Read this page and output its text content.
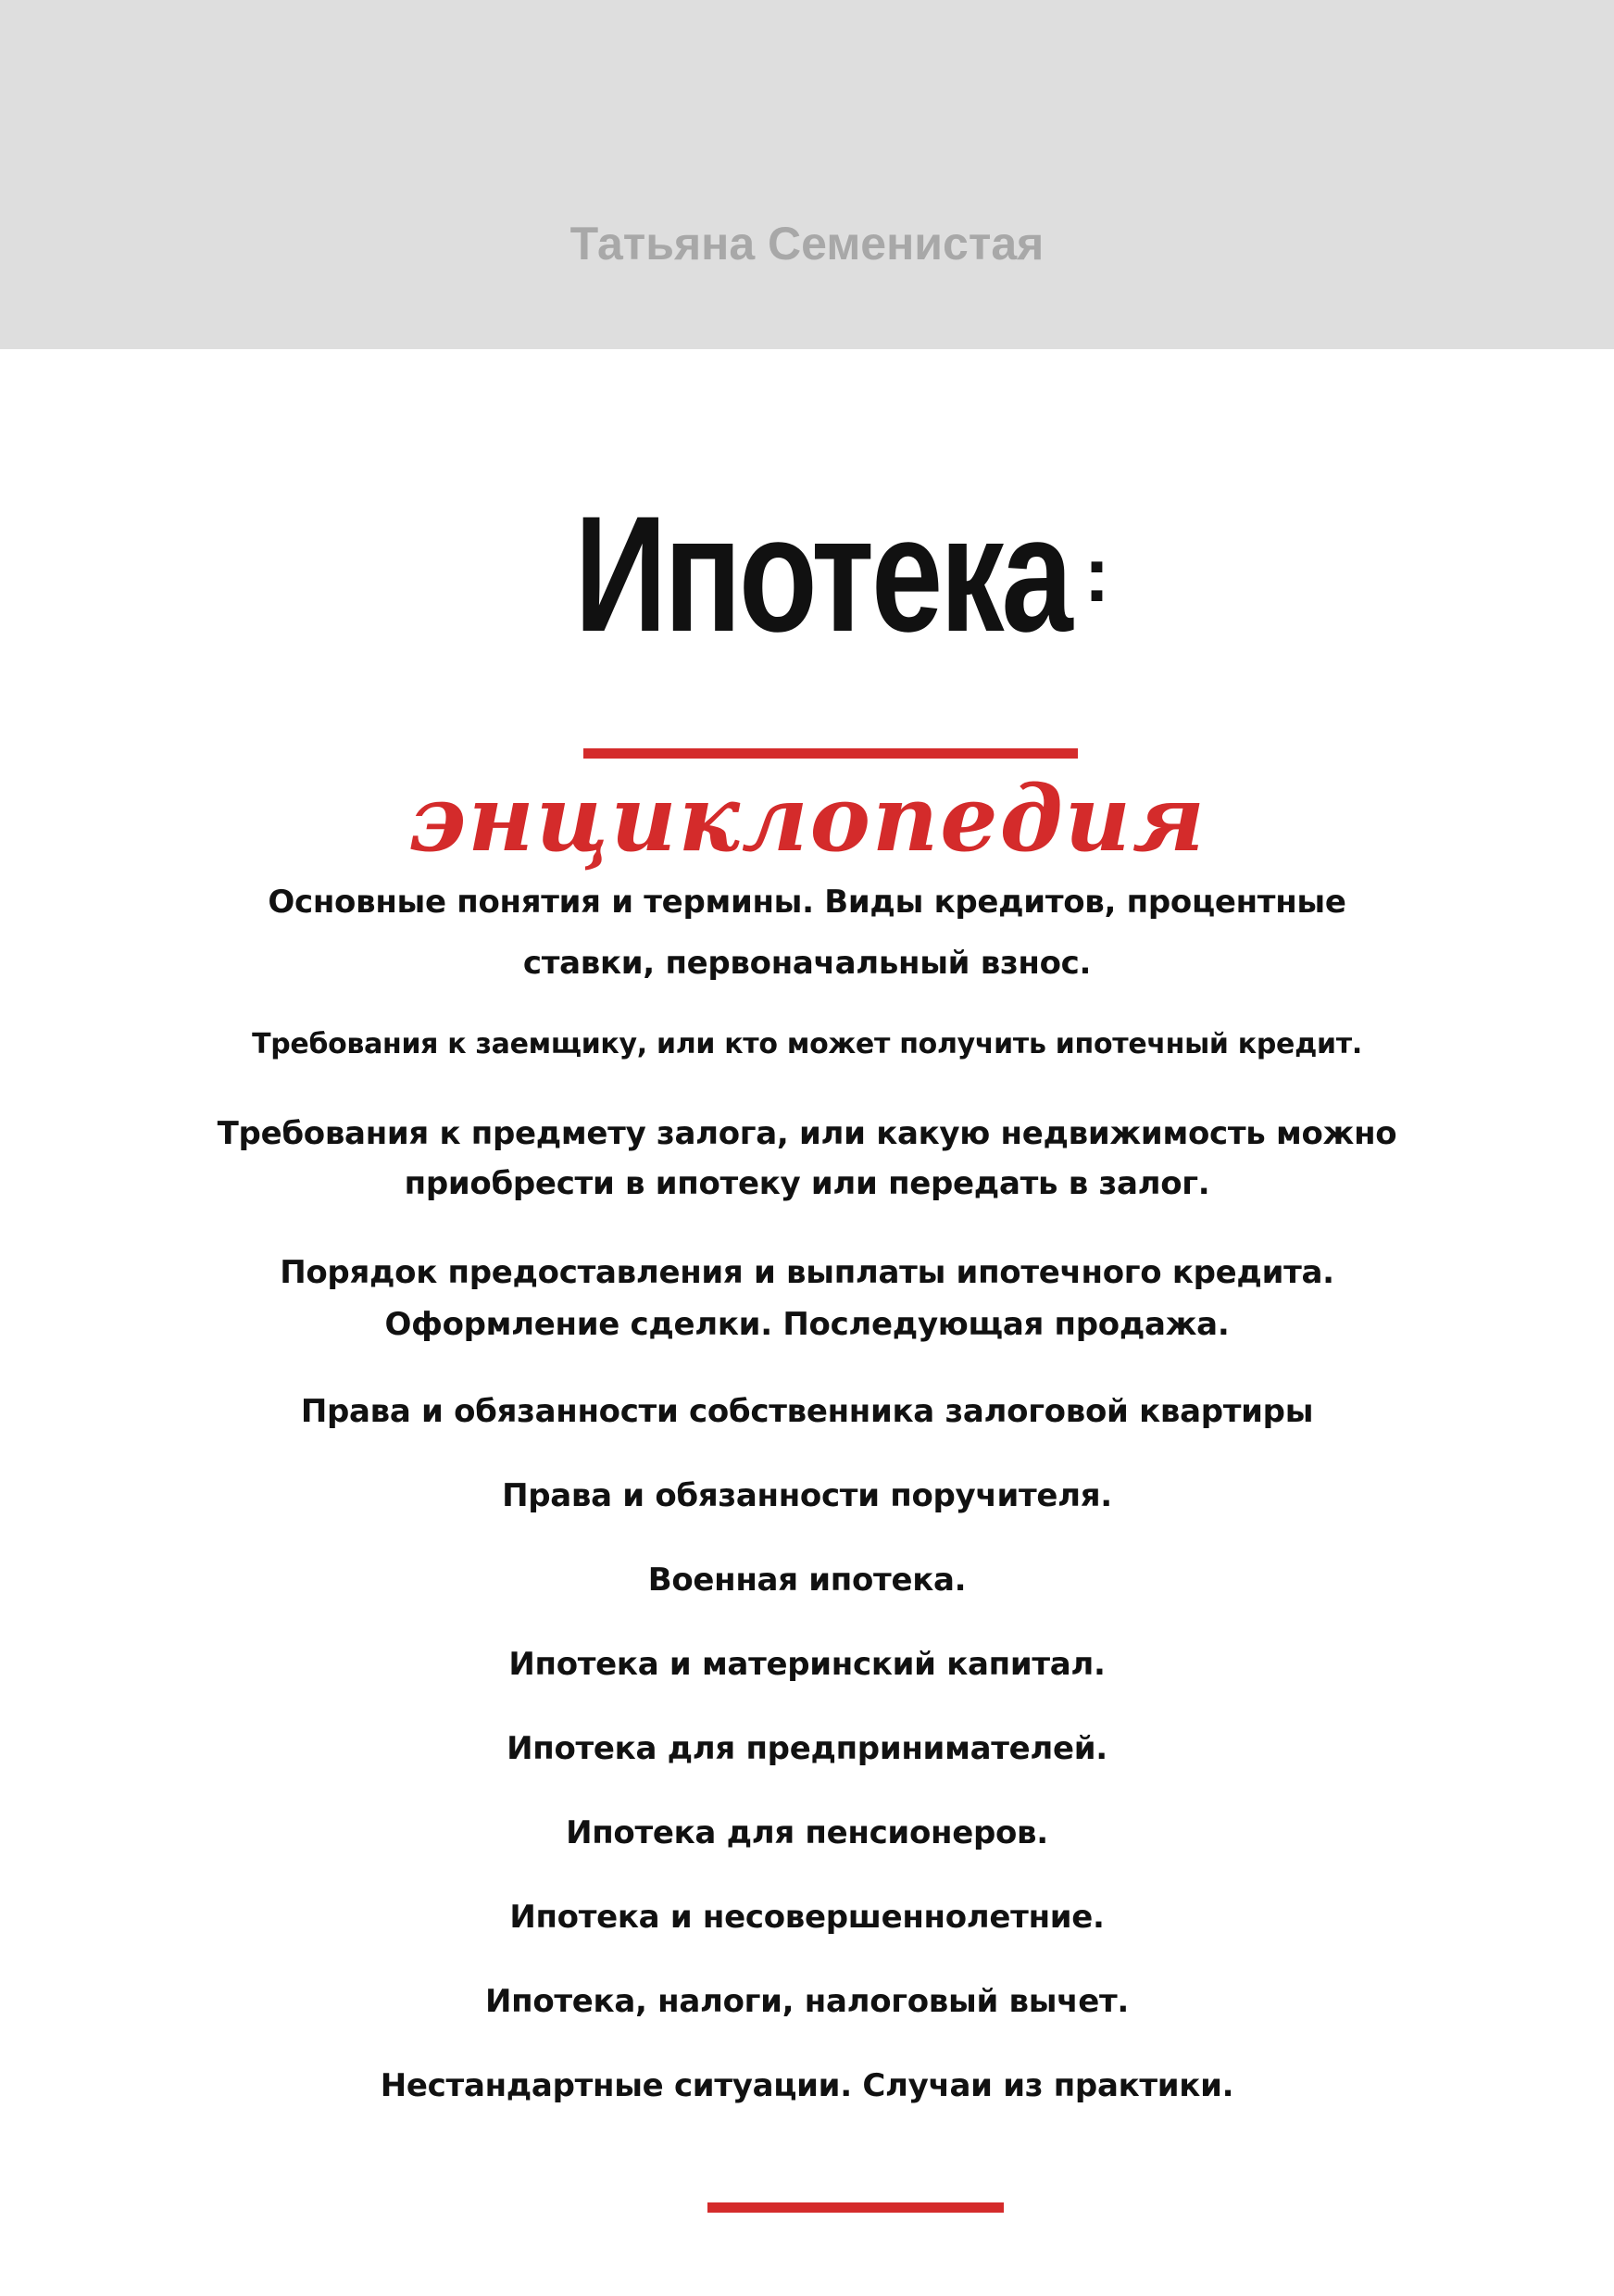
Татьяна Семенистая
Ипотека :
энциклопедия
Основные понятия и термины. Виды кредитов, процентные
ставки, первоначальный взнос.
Требования к заемщику, или кто может получить ипотечный кредит.
Требования к предмету залога, или какую недвижимость можно
приобрести в ипотеку или передать в залог.
Порядок предоставления и выплаты ипотечного кредита.
Оформление сделки. Последующая продажа.
Права и обязанности собственника залоговой квартиры
Права и обязанности поручителя.
Военная ипотека.
Ипотека и материнский капитал.
Ипотека для предпринимателей.
Ипотека для пенсионеров.
Ипотека и несовершеннолетние.
Ипотека, налоги, налоговый вычет.
Нестандартные ситуации. Случаи из практики.
